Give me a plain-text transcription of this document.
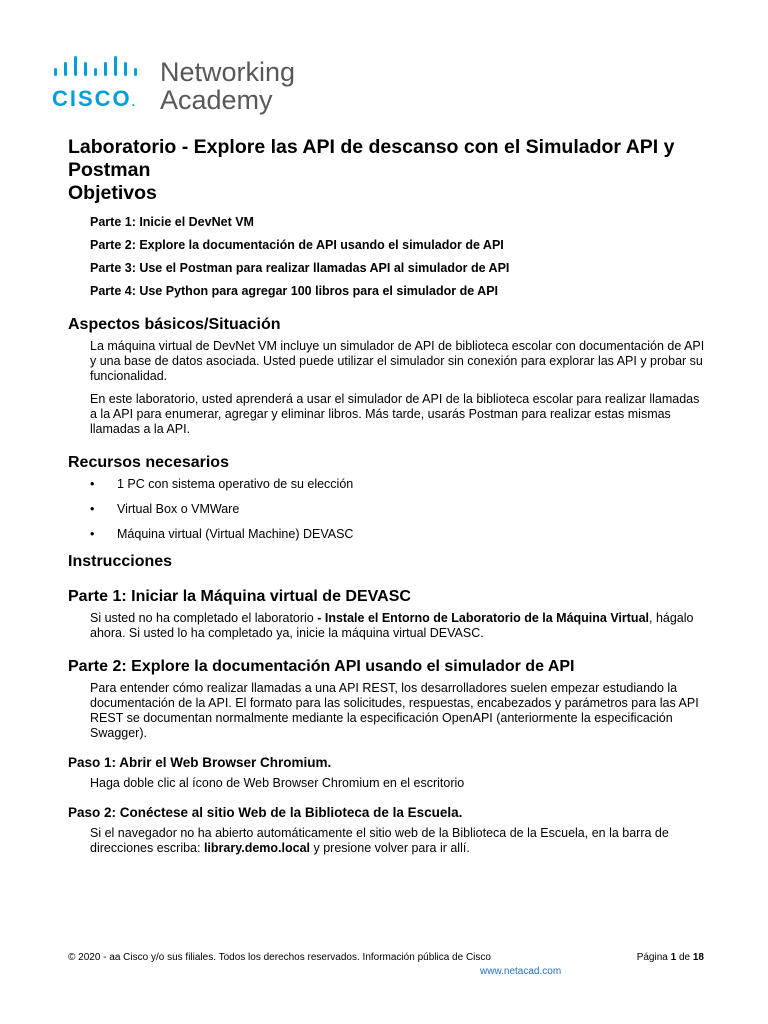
CISCO.
Networking
Academy
Laboratorio - Explore las API de descanso con el Simulador API y
Postman
Objetivos
Parte 1: Inicie el DevNet VM
Parte 2: Explore la documentación de API usando el simulador de API
Parte 3: Use el Postman para realizar llamadas API al simulador de API
Parte 4: Use Python para agregar 100 libros para el simulador de API
Aspectos básicos/Situación

La máquina virtual de DevNet VM incluye un simulador de API de biblioteca escolar con documentación de API y una base de datos asociada. Usted puede utilizar el simulador sin conexión para explorar las API y probar su funcionalidad.

En este laboratorio, usted aprenderá a usar el simulador de API de la biblioteca escolar para realizar llamadas a la API para enumerar, agregar y eliminar libros. Más tarde, usarás Postman para realizar estas mismas llamadas a la API.

Recursos necesarios
• 1 PC con sistema operativo de su elección
• Virtual Box o VMWare
• Máquina virtual (Virtual Machine) DEVASC
Instrucciones
Parte 1: Iniciar la Máquina virtual de DEVASC

Si usted no ha completado el laboratorio - Instale el Entorno de Laboratorio de la Máquina Virtual, hágalo ahora. Si usted lo ha completado ya, inicie la máquina virtual DEVASC.

Parte 2: Explore la documentación API usando el simulador de API

Para entender cómo realizar llamadas a una API REST, los desarrolladores suelen empezar estudiando la documentación de la API. El formato para las solicitudes, respuestas, encabezados y parámetros para las API REST se documentan normalmente mediante la especificación OpenAPI (anteriormente la especificación Swagger).

Paso 1: Abrir el Web Browser Chromium.

Haga doble clic al ícono de Web Browser Chromium en el escritorio

Paso 2: Conéctese al sitio Web de la Biblioteca de la Escuela.

Si el navegador no ha abierto automáticamente el sitio web de la Biblioteca de la Escuela, en la barra de direcciones escriba: library.demo.local y presione volver para ir allí.

© 2020 - aa Cisco y/o sus filiales. Todos los derechos reservados. Información pública de Cisco	Página 1 de 18
www.netacad.com
